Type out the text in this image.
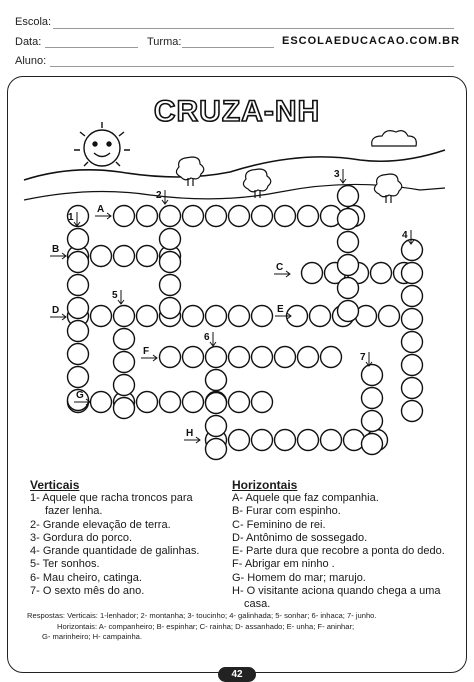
Escola:
Data:	Turma:	ESCOLAEDUCACAO.COM.BR
Aluno:
CRUZA-NH
A
B
C
D	E
F
G
H
1
2
3
4
5
6
7
Verticais
1- Aquele que racha troncos para
fazer lenha.
2- Grande elevação de terra.
3- Gordura do porco.
4- Grande quantidade de galinhas.
5- Ter sonhos.
6- Mau cheiro, catinga.
7- O sexto mês do ano.
Horizontais
A- Aquele que faz companhia.
B- Furar com espinho.
C- Feminino de rei.
D- Antônimo de sossegado.
E- Parte dura que recobre a ponta do dedo.
F- Abrigar em ninho .
G- Homem do mar; marujo.
H- O visitante aciona quando chega a uma
casa.
Respostas: Verticais: 1-lenhador; 2- montanha; 3- toucinho; 4- galinhada; 5- sonhar; 6- inhaca; 7- junho.
Horizontais: A- companheiro; B- espinhar; C- rainha; D- assanhado; E- unha; F- aninhar;
G- marinheiro; H- campainha.
42
